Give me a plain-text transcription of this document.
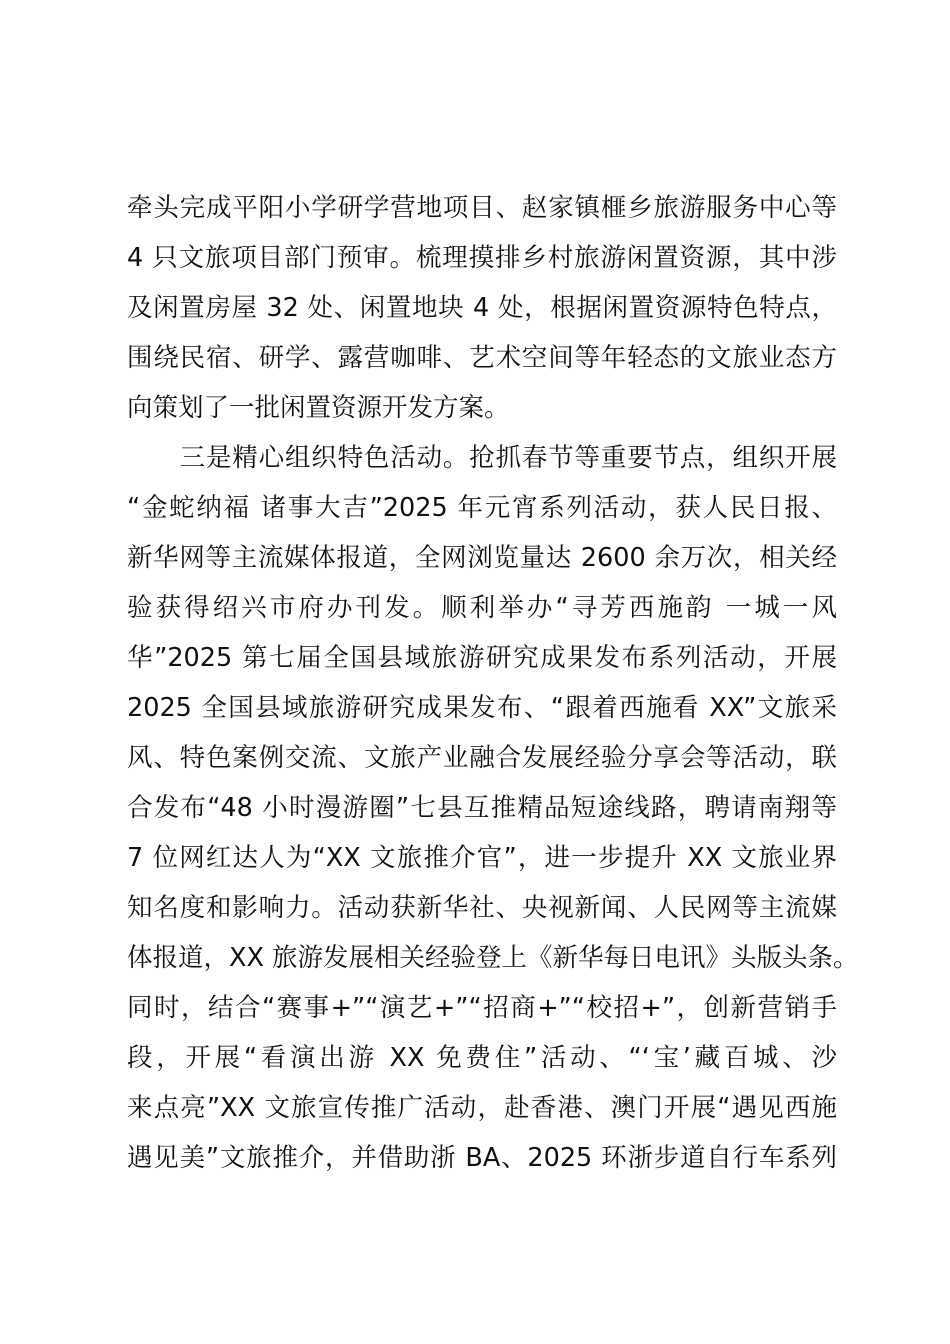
牵头完成平阳小学研学营地项目、赵家镇榧乡旅游服务中心等
4 只文旅项目部门预审。梳理摸排乡村旅游闲置资源，其中涉
及闲置房屋 32 处、闲置地块 4 处，根据闲置资源特色特点，
围绕民宿、研学、露营咖啡、艺术空间等年轻态的文旅业态方
向策划了一批闲置资源开发方案。
　　三是精心组织特色活动。抢抓春节等重要节点，组织开展
“金蛇纳福 诸事大吉”2025 年元宵系列活动，获人民日报、
新华网等主流媒体报道，全网浏览量达 2600 余万次，相关经
验获得绍兴市府办刊发。顺利举办“寻芳西施韵 一城一风
华”2025 第七届全国县域旅游研究成果发布系列活动，开展
2025 全国县域旅游研究成果发布、“跟着西施看 XX”文旅采
风、特色案例交流、文旅产业融合发展经验分享会等活动，联
合发布“48 小时漫游圈”七县互推精品短途线路，聘请南翔等
7 位网红达人为“XX 文旅推介官”，进一步提升 XX 文旅业界
知名度和影响力。活动获新华社、央视新闻、人民网等主流媒
体报道，XX 旅游发展相关经验登上《新华每日电讯》头版头条。
同时，结合“赛事+”“演艺+”“招商+”“校招+”，创新营销手
段，开展“看演出游 XX 免费住”活动、“‘宝’藏百城、沙
来点亮”XX 文旅宣传推广活动，赴香港、澳门开展“遇见西施
遇见美”文旅推介，并借助浙 BA、2025 环浙步道自行车系列
